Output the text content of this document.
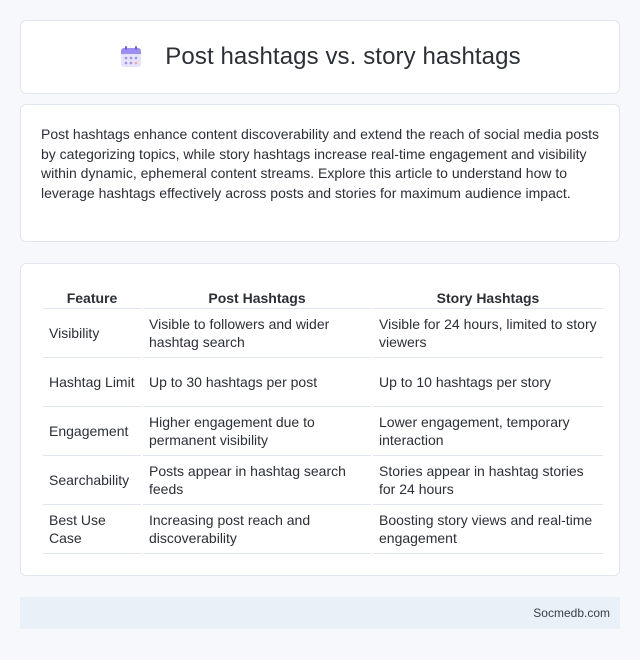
Post hashtags vs. story hashtags

Post hashtags enhance content discoverability and extend the reach of social media posts by categorizing topics, while story hashtags increase real-time engagement and visibility within dynamic, ephemeral content streams. Explore this article to understand how to leverage hashtags effectively across posts and stories for maximum audience impact.

Feature	Post Hashtags	Story Hashtags
Visibility	Visible to followers and wider hashtag search	Visible for 24 hours, limited to story viewers
Hashtag Limit	Up to 30 hashtags per post	Up to 10 hashtags per story
Engagement	Higher engagement due to permanent visibility	Lower engagement, temporary interaction
Searchability	Posts appear in hashtag search feeds	Stories appear in hashtag stories for 24 hours
Best Use Case	Increasing post reach and discoverability	Boosting story views and real-time engagement
Socmedb.com
